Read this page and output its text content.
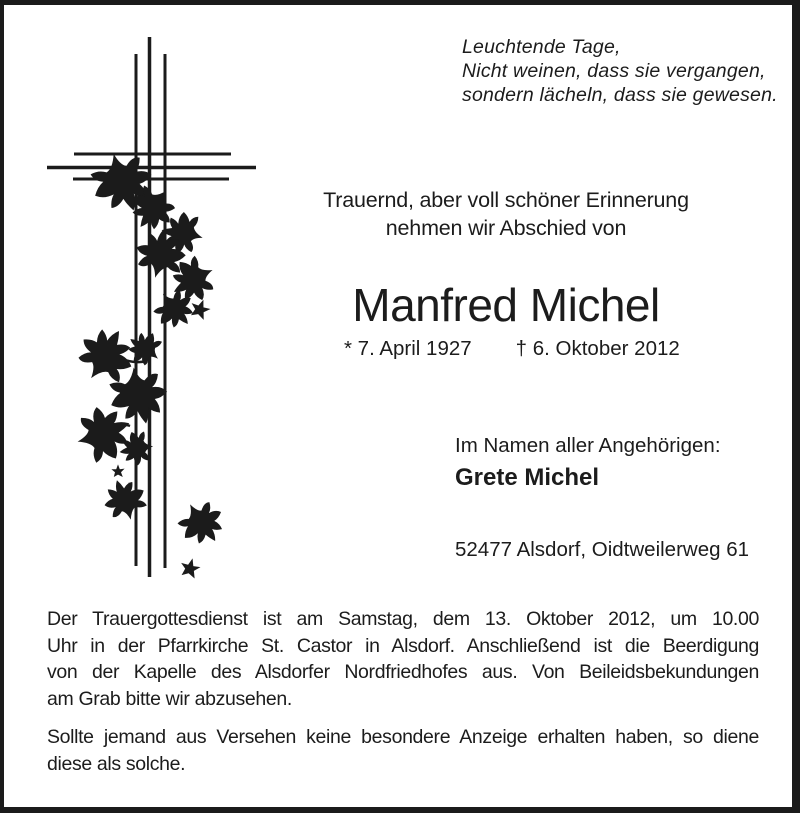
Leuchtende Tage,
Nicht weinen, dass sie vergangen,
sondern lächeln, dass sie gewesen.
Trauernd, aber voll schöner Erinnerung
nehmen wir Abschied von
Manfred Michel
* 7. April 1927 † 6. Oktober 2012
Im Namen aller Angehörigen:
Grete Michel
52477 Alsdorf, Oidtweilerweg 61
Der Trauergottesdienst ist am Samstag, dem 13. Oktober 2012, um 10.00
Uhr in der Pfarrkirche St. Castor in Alsdorf. Anschließend ist die Beerdigung
von der Kapelle des Alsdorfer Nordfriedhofes aus. Von Beileidsbekundungen
am Grab bitte wir abzusehen.
Sollte jemand aus Versehen keine besondere Anzeige erhalten haben, so diene
diese als solche.
